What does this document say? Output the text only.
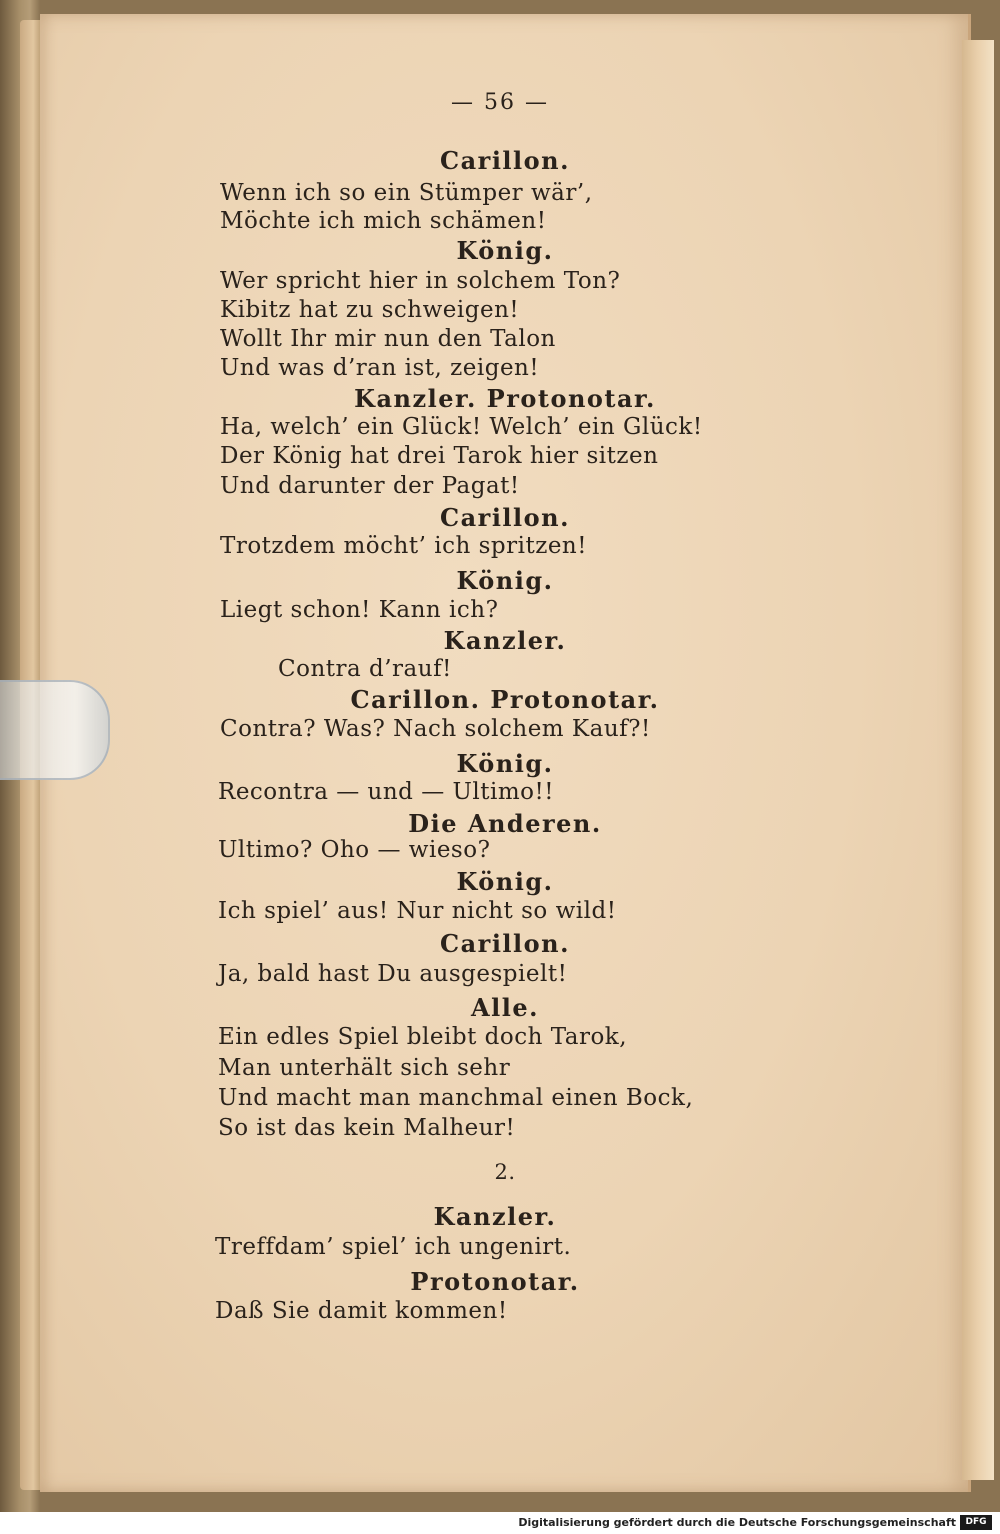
— 56 —
Carillon.
Wenn ich so ein Stümper wär’,
Möchte ich mich schämen!
König.
Wer spricht hier in solchem Ton?
Kibitz hat zu schweigen!
Wollt Ihr mir nun den Talon
Und was d’ran ist, zeigen!
Kanzler. Protonotar.
Ha, welch’ ein Glück! Welch’ ein Glück!
Der König hat drei Tarok hier sitzen
Und darunter der Pagat!
Carillon.
Trotzdem möcht’ ich spritzen!
König.
Liegt schon! Kann ich?
Kanzler.
Contra d’rauf!
Carillon. Protonotar.
Contra? Was? Nach solchem Kauf?!
König.
Recontra — und — Ultimo!!
Die Anderen.
Ultimo? Oho — wieso?
König.
Ich spiel’ aus! Nur nicht so wild!
Carillon.
Ja, bald hast Du ausgespielt!
Alle.
Ein edles Spiel bleibt doch Tarok,
Man unterhält sich sehr
Und macht man manchmal einen Bock,
So ist das kein Malheur!
2.
Kanzler.
Treffdam’ spiel’ ich ungenirt.
Protonotar.
Daß Sie damit kommen!
Digitalisierung gefördert durch die Deutsche Forschungsgemeinschaft	DFG
